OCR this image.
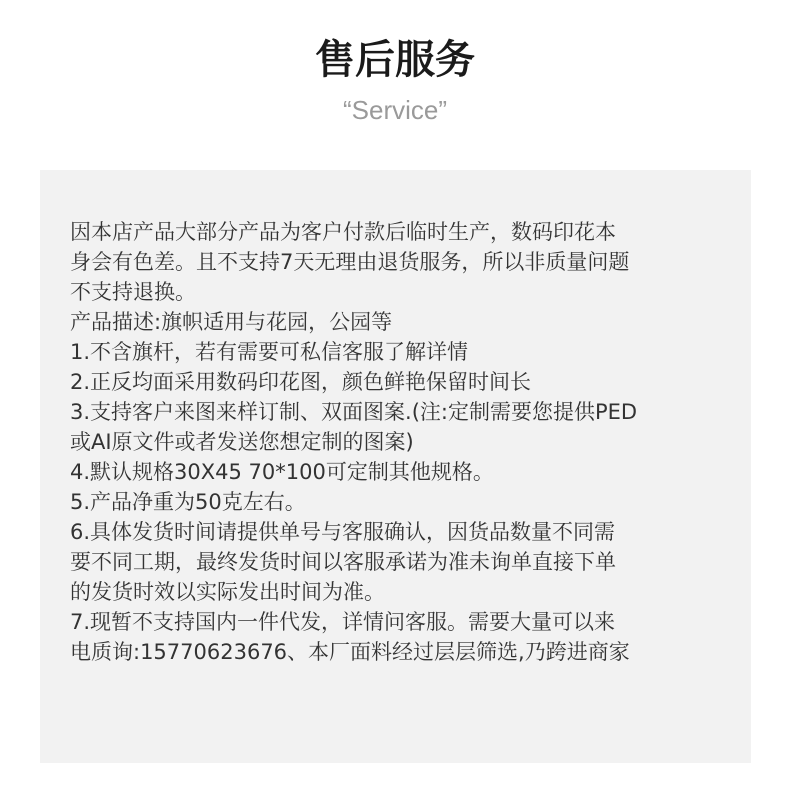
售后服务
“Service”
因本店产品大部分产品为客户付款后临时生产，数码印花本
身会有色差。且不支持7天无理由退货服务，所以非质量问题
不支持退换。
产品描述:旗帜适用与花园，公园等
1.不含旗杆，若有需要可私信客服了解详情
2.正反均面采用数码印花图，颜色鲜艳保留时间长
3.支持客户来图来样订制、双面图案.(注:定制需要您提供PED
或AI原文件或者发送您想定制的图案)
4.默认规格30X45 70*100可定制其他规格。
5.产品净重为50克左右。
6.具体发货时间请提供单号与客服确认，因货品数量不同需
要不同工期，最终发货时间以客服承诺为准未询单直接下单
的发货时效以实际发出时间为准。
7.现暂不支持国内一件代发，详情问客服。需要大量可以来
电质询:15770623676、本厂面料经过层层筛选,乃跨进商家
